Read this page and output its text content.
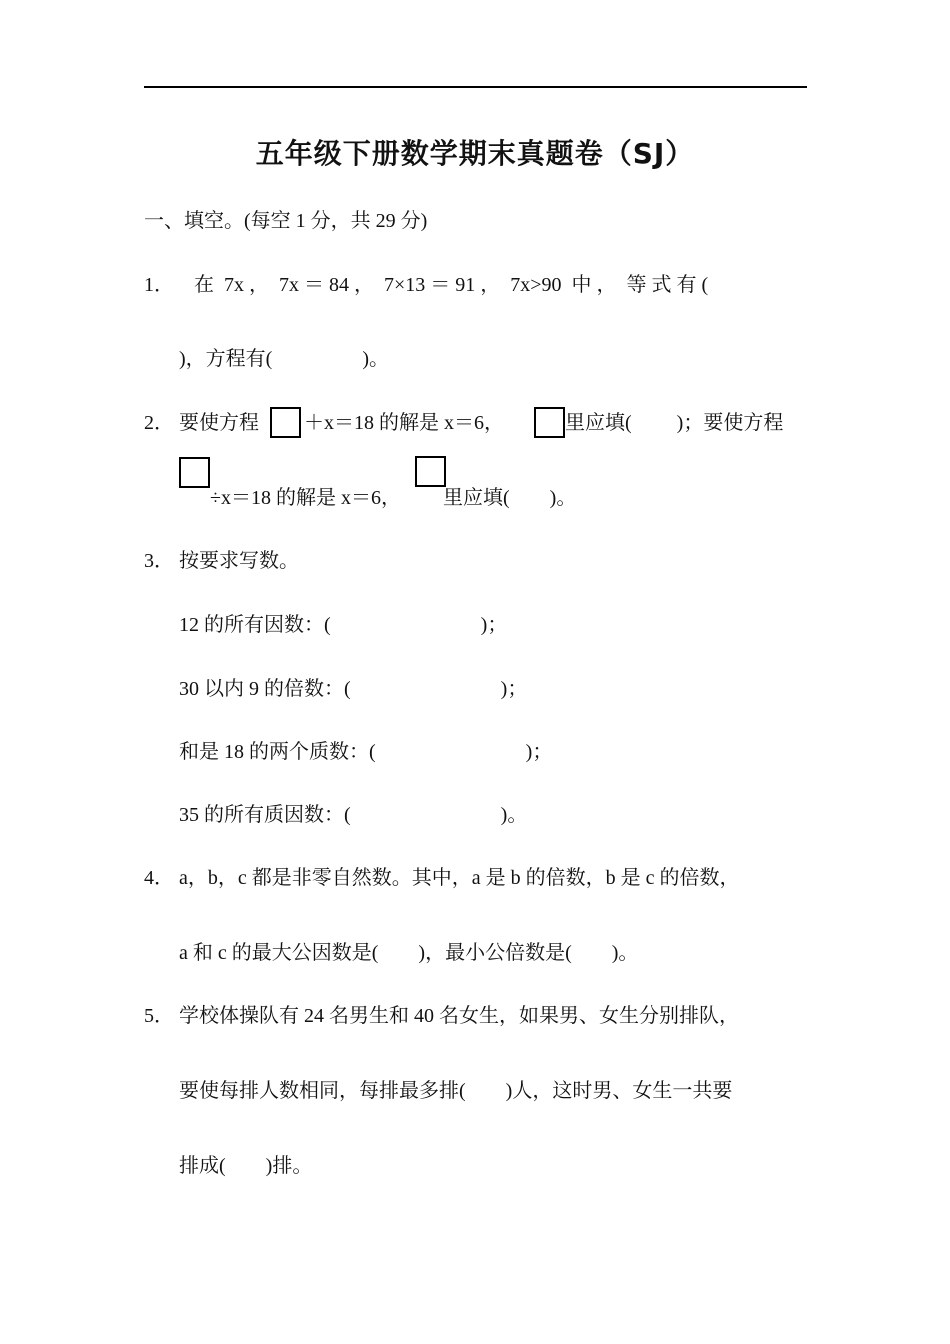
五年级下册数学期末真题卷（SJ）
一、填空。(每空 1 分，共 29 分)
1． 在  7x ，  7x ＝ 84 ，  7×13 ＝ 91 ，  7x>90  中 ，  等 式 有 (
)，方程有(                  )。
2． 要使方程 ＋x＝18 的解是 x＝6，	里应填(         )；要使方程
÷x＝18 的解是 x＝6， 里应填(        )。
3． 按要求写数。
12 的所有因数：(                              )；
30 以内 9 的倍数：(                              )；
和是 18 的两个质数：(                              )；
35 的所有质因数：(                              )。
4． a，b，c 都是非零自然数。其中，a 是 b 的倍数，b 是 c 的倍数，
a 和 c 的最大公因数是(        )，最小公倍数是(        )。
5． 学校体操队有 24 名男生和 40 名女生，如果男、女生分别排队，
要使每排人数相同，每排最多排(        )人，这时男、女生一共要
排成(        )排。
